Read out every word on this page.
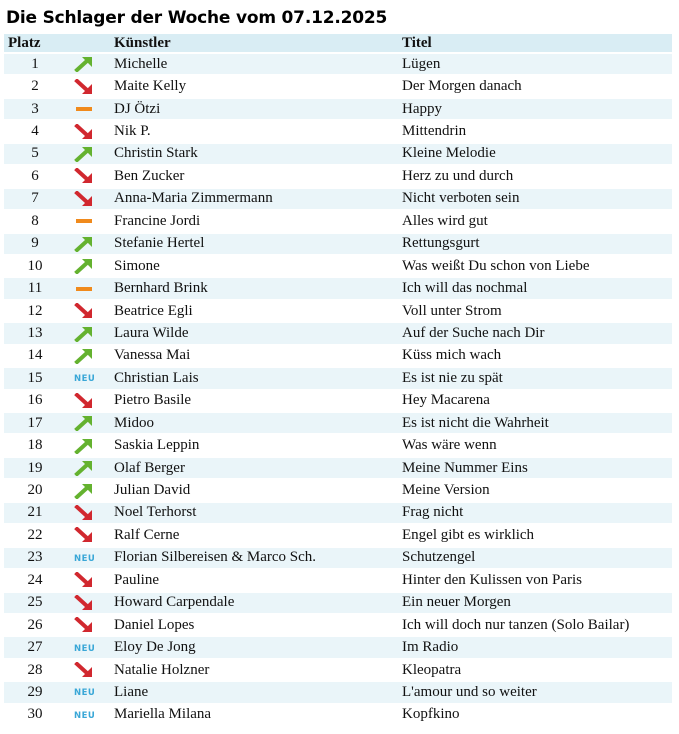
Die Schlager der Woche vom 07.12.2025
Platz		Künstler	Titel
1		Michelle	Lügen
2		Maite Kelly	Der Morgen danach
3		DJ Ötzi	Happy
4		Nik P.	Mittendrin
5		Christin Stark	Kleine Melodie
6		Ben Zucker	Herz zu und durch
7		Anna-Maria Zimmermann	Nicht verboten sein
8		Francine Jordi	Alles wird gut
9		Stefanie Hertel	Rettungsgurt
10		Simone	Was weißt Du schon von Liebe
11		Bernhard Brink	Ich will das nochmal
12		Beatrice Egli	Voll unter Strom
13		Laura Wilde	Auf der Suche nach Dir
14		Vanessa Mai	Küss mich wach
15	NEU	Christian Lais	Es ist nie zu spät
16		Pietro Basile	Hey Macarena
17		Midoo	Es ist nicht die Wahrheit
18		Saskia Leppin	Was wäre wenn
19		Olaf Berger	Meine Nummer Eins
20		Julian David	Meine Version
21		Noel Terhorst	Frag nicht
22		Ralf Cerne	Engel gibt es wirklich
23	NEU	Florian Silbereisen & Marco Sch.	Schutzengel
24		Pauline	Hinter den Kulissen von Paris
25		Howard Carpendale	Ein neuer Morgen
26		Daniel Lopes	Ich will doch nur tanzen (Solo Bailar)
27	NEU	Eloy De Jong	Im Radio
28		Natalie Holzner	Kleopatra
29	NEU	Liane	L'amour und so weiter
30	NEU	Mariella Milana	Kopfkino
